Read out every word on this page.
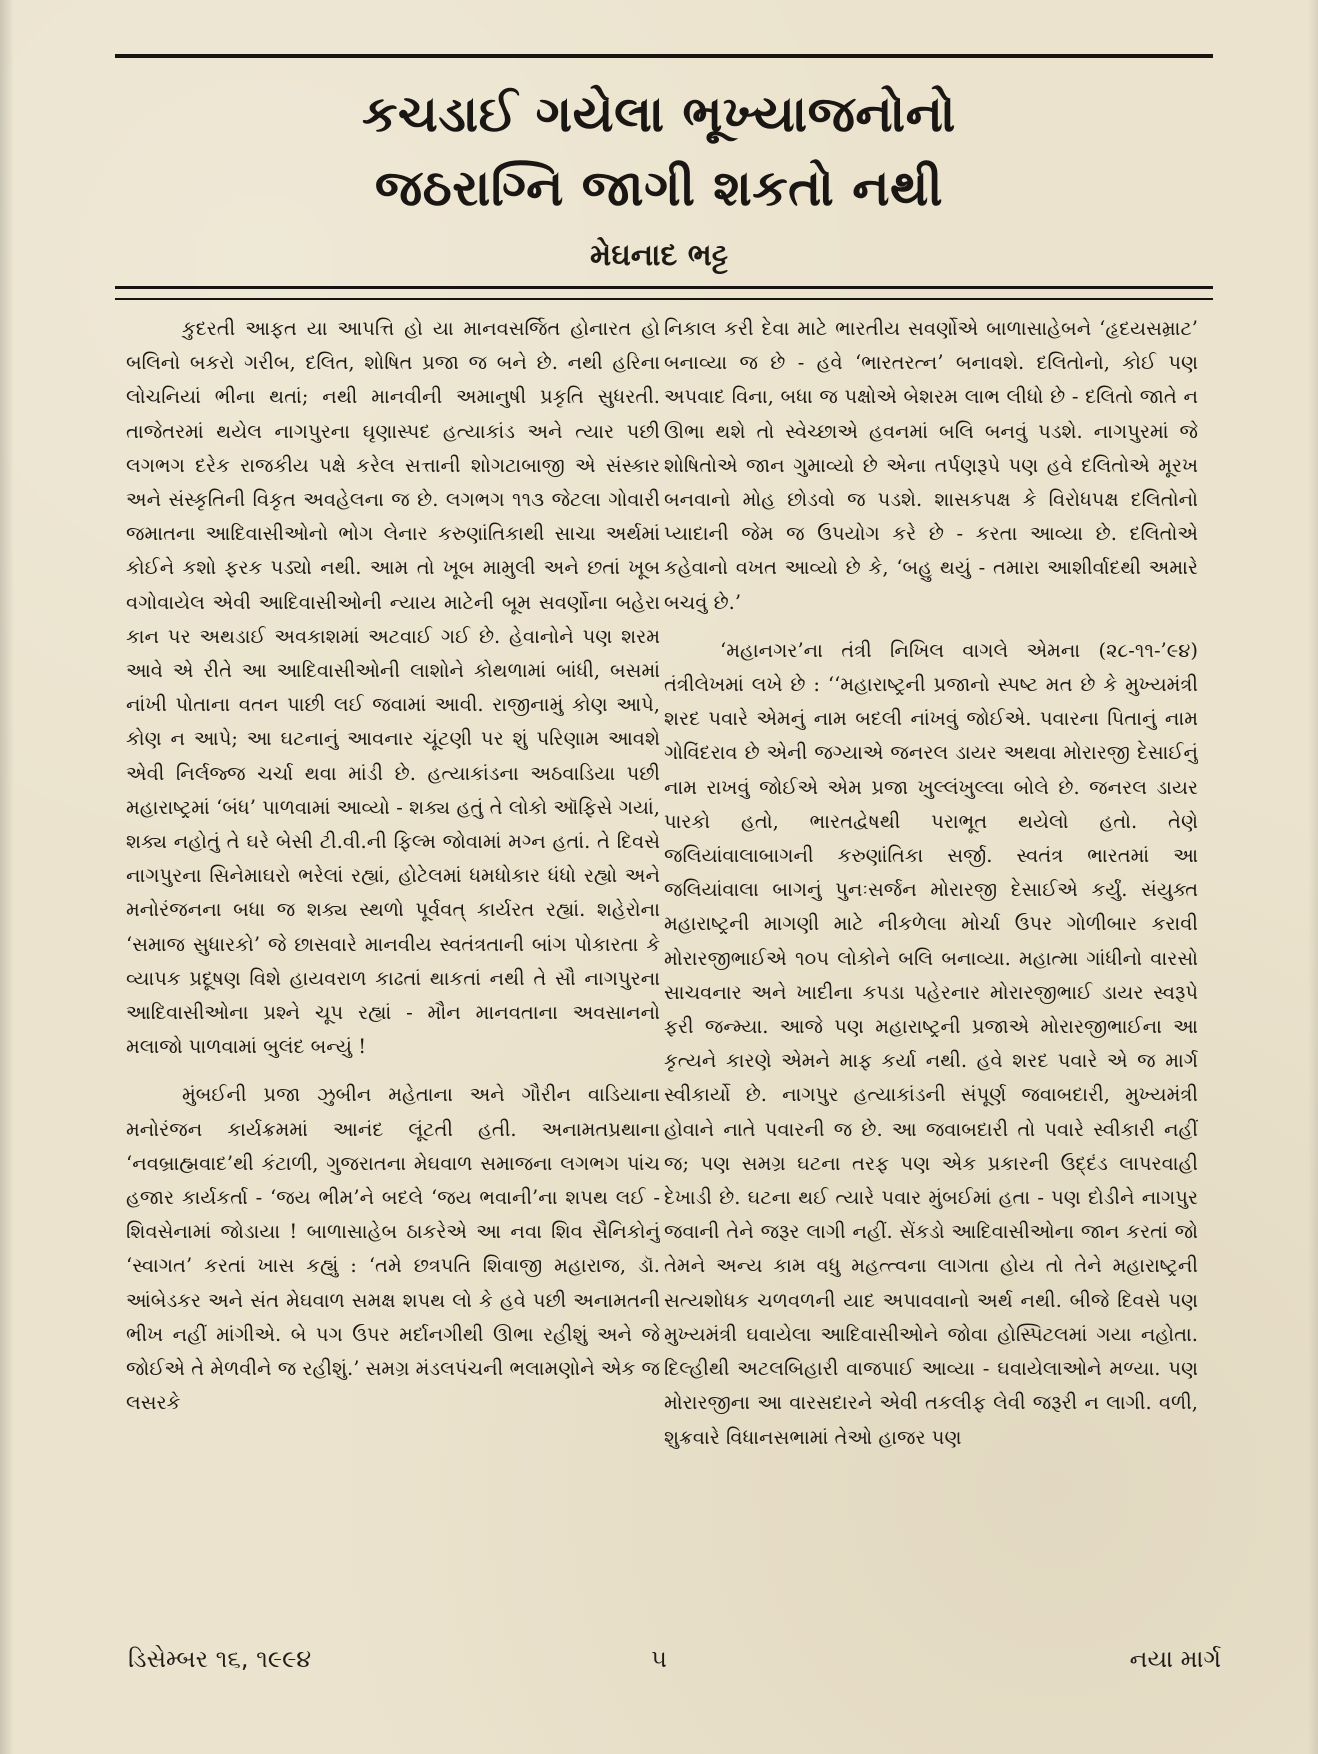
કચડાઈ ગયેલા ભૂખ્યાજનોનો
જઠરાગ્નિ જાગી શકતો નથી
મેઘનાદ ભટ્ટ

કુદરતી આફત યા આપત્તિ હો યા માનવસર્જિત હોનારત હો બલિનો બકરો ગરીબ, દલિત, શોષિત પ્રજા જ બને છે. નથી હરિના લોચનિયાં ભીના થતાં; નથી માનવીની અમાનુષી પ્રકૃતિ સુધરતી. તાજેતરમાં થયેલ નાગપુરના ઘૃણાસ્પદ હત્યાકાંડ અને ત્યાર પછી લગભગ દરેક રાજકીય પક્ષે કરેલ સત્તાની શોગટાબાજી એ સંસ્કાર અને સંસ્કૃતિની વિકૃત અવહેલના જ છે. લગભગ ૧૧૩ જેટલા ગોવારી જમાતના આદિવાસીઓનો ભોગ લેનાર કરુણાંતિકાથી સાચા અર્થમાં કોઈને કશો ફરક પડ્યો નથી. આમ તો ખૂબ મામુલી અને છતાં ખૂબ વગોવાયેલ એવી આદિવાસીઓની ન્યાય માટેની બૂમ સવર્ણોના બહેરા કાન પર અથડાઈ અવકાશમાં અટવાઈ ગઈ છે. હેવાનોને પણ શરમ આવે એ રીતે આ આદિવાસીઓની લાશોને કોથળામાં બાંધી, બસમાં નાંખી પોતાના વતન પાછી લઈ જવામાં આવી. રાજીનામું કોણ આપે, કોણ ન આપે; આ ઘટનાનું આવનાર ચૂંટણી પર શું પરિણામ આવશે એવી નિર્લજ્જ ચર્ચા થવા માંડી છે. હત્યાકાંડના અઠવાડિયા પછી મહારાષ્ટ્રમાં ‘બંધ’ પાળવામાં આવ્યો - શક્ય હતું તે લોકો ઑફિસે ગયાં, શક્ય નહોતું તે ઘરે બેસી ટી.વી.ની ફિલ્મ જોવામાં મગ્ન હતાં. તે દિવસે નાગપુરના સિનેમાઘરો ભરેલાં રહ્યાં, હોટેલમાં ધમધોકાર ધંધો રહ્યો અને મનોરંજનના બધા જ શક્ય સ્થળો પૂર્વવત્ કાર્યરત રહ્યાં. શહેરોના ‘સમાજ સુધારકો’ જે છાસવારે માનવીય સ્વતંત્રતાની બાંગ પોકારતા કે વ્યાપક પ્રદૂષણ વિશે હાયવરાળ કાઢતાં થાકતાં નથી તે સૌ નાગપુરના આદિવાસીઓના પ્રશ્ને ચૂપ રહ્યાં - મૌન માનવતાના અવસાનનો મલાજો પાળવામાં બુલંદ બન્યું !

મુંબઈની પ્રજા ઝુબીન મહેતાના અને ગૌરીન વાડિયાના મનોરંજન કાર્યક્રમમાં આનંદ લૂંટતી હતી. અનામતપ્રથાના ‘નવબ્રાહ્મવાદ’થી કંટાળી, ગુજરાતના મેઘવાળ સમાજના લગભગ પાંચ હજાર કાર્યકર્તા - ‘જય ભીમ’ને બદલે ‘જય ભવાની’ના શપથ લઈ - શિવસેનામાં જોડાયા ! બાળાસાહેબ ઠાકરેએ આ નવા શિવ સૈનિકોનું ‘સ્વાગત’ કરતાં ખાસ કહ્યું : ‘તમે છત્રપતિ શિવાજી મહારાજ, ડૉ. આંબેડકર અને સંત મેઘવાળ સમક્ષ શપથ લો કે હવે પછી અનામતની ભીખ નહીં માંગીએ. બે પગ ઉપર મર્દાનગીથી ઊભા રહીશું અને જે જોઈએ તે મેળવીને જ રહીશું.’ સમગ્ર મંડલપંચની ભલામણોને એક જ લસરકે

નિકાલ કરી દેવા માટે ભારતીય સવર્ણોએ બાળાસાહેબને ‘હૃદયસમ્રાટ’ બનાવ્યા જ છે - હવે ‘ભારતરત્ન’ બનાવશે. દલિતોનો, કોઈ પણ અપવાદ વિના, બધા જ પક્ષોએ બેશરમ લાભ લીધો છે - દલિતો જાતે ન ઊભા થશે તો સ્વેચ્છાએ હવનમાં બલિ બનવું પડશે. નાગપુરમાં જે શોષિતોએ જાન ગુમાવ્યો છે એના તર્પણરૂપે પણ હવે દલિતોએ મૂરખ બનવાનો મોહ છોડવો જ પડશે. શાસકપક્ષ કે વિરોધપક્ષ દલિતોનો પ્યાદાની જેમ જ ઉપયોગ કરે છે - કરતા આવ્યા છે. દલિતોએ કહેવાનો વખત આવ્યો છે કે, ‘બહુ થયું - તમારા આશીર્વાદથી અમારે બચવું છે.’

‘મહાનગર’ના તંત્રી નિખિલ વાગલે એમના (૨૮-૧૧-’૯૪) તંત્રીલેખમાં લખે છે : ‘‘મહારાષ્ટ્રની પ્રજાનો સ્પષ્ટ મત છે કે મુખ્યમંત્રી શરદ પવારે એમનું નામ બદલી નાંખવું જોઈએ. પવારના પિતાનું નામ ગોવિંદરાવ છે એની જગ્યાએ જનરલ ડાયર અથવા મોરારજી દેસાઈનું નામ રાખવું જોઈએ એમ પ્રજા ખુલ્લંખુલ્લા બોલે છે. જનરલ ડાયર પારકો હતો, ભારતદ્વેષથી પરાભૂત થયેલો હતો. તેણે જલિયાંવાલાબાગની કરુણાંતિકા સર્જી. સ્વતંત્ર ભારતમાં આ જલિયાંવાલા બાગનું પુનઃસર્જન મોરારજી દેસાઈએ કર્યું. સંયુક્ત મહારાષ્ટ્રની માગણી માટે નીકળેલા મોર્ચા ઉપર ગોળીબાર કરાવી મોરારજીભાઈએ ૧૦૫ લોકોને બલિ બનાવ્યા. મહાત્મા ગાંધીનો વારસો સાચવનાર અને ખાદીના કપડા પહેરનાર મોરારજીભાઈ ડાયર સ્વરૂપે ફરી જન્મ્યા. આજે પણ મહારાષ્ટ્રની પ્રજાએ મોરારજીભાઈના આ કૃત્યને કારણે એમને માફ કર્યા નથી. હવે શરદ પવારે એ જ માર્ગ સ્વીકાર્યો છે. નાગપુર હત્યાકાંડની સંપૂર્ણ જવાબદારી, મુખ્યમંત્રી હોવાને નાતે પવારની જ છે. આ જવાબદારી તો પવારે સ્વીકારી નહીં જ; પણ સમગ્ર ઘટના તરફ પણ એક પ્રકારની ઉદ્દંડ લાપરવાહી દેખાડી છે. ઘટના થઈ ત્યારે પવાર મુંબઈમાં હતા - પણ દોડીને નાગપુર જવાની તેને જરૂર લાગી નહીં. સેંકડો આદિવાસીઓના જાન કરતાં જો તેમને અન્ય કામ વધુ મહત્ત્વના લાગતા હોય તો તેને મહારાષ્ટ્રની સત્યશોધક ચળવળની યાદ અપાવવાનો અર્થ નથી. બીજે દિવસે પણ મુખ્યમંત્રી ઘવાયેલા આદિવાસીઓને જોવા હોસ્પિટલમાં ગયા નહોતા. દિલ્હીથી અટલબિહારી વાજપાઈ આવ્યા - ઘવાયેલાઓને મળ્યા. પણ મોરારજીના આ વારસદારને એવી તકલીફ લેવી જરૂરી ન લાગી. વળી, શુક્રવારે વિધાનસભામાં તેઓ હાજર પણ

ડિસેમ્બર ૧૬, ૧૯૯૪	૫	નયા માર્ગ
